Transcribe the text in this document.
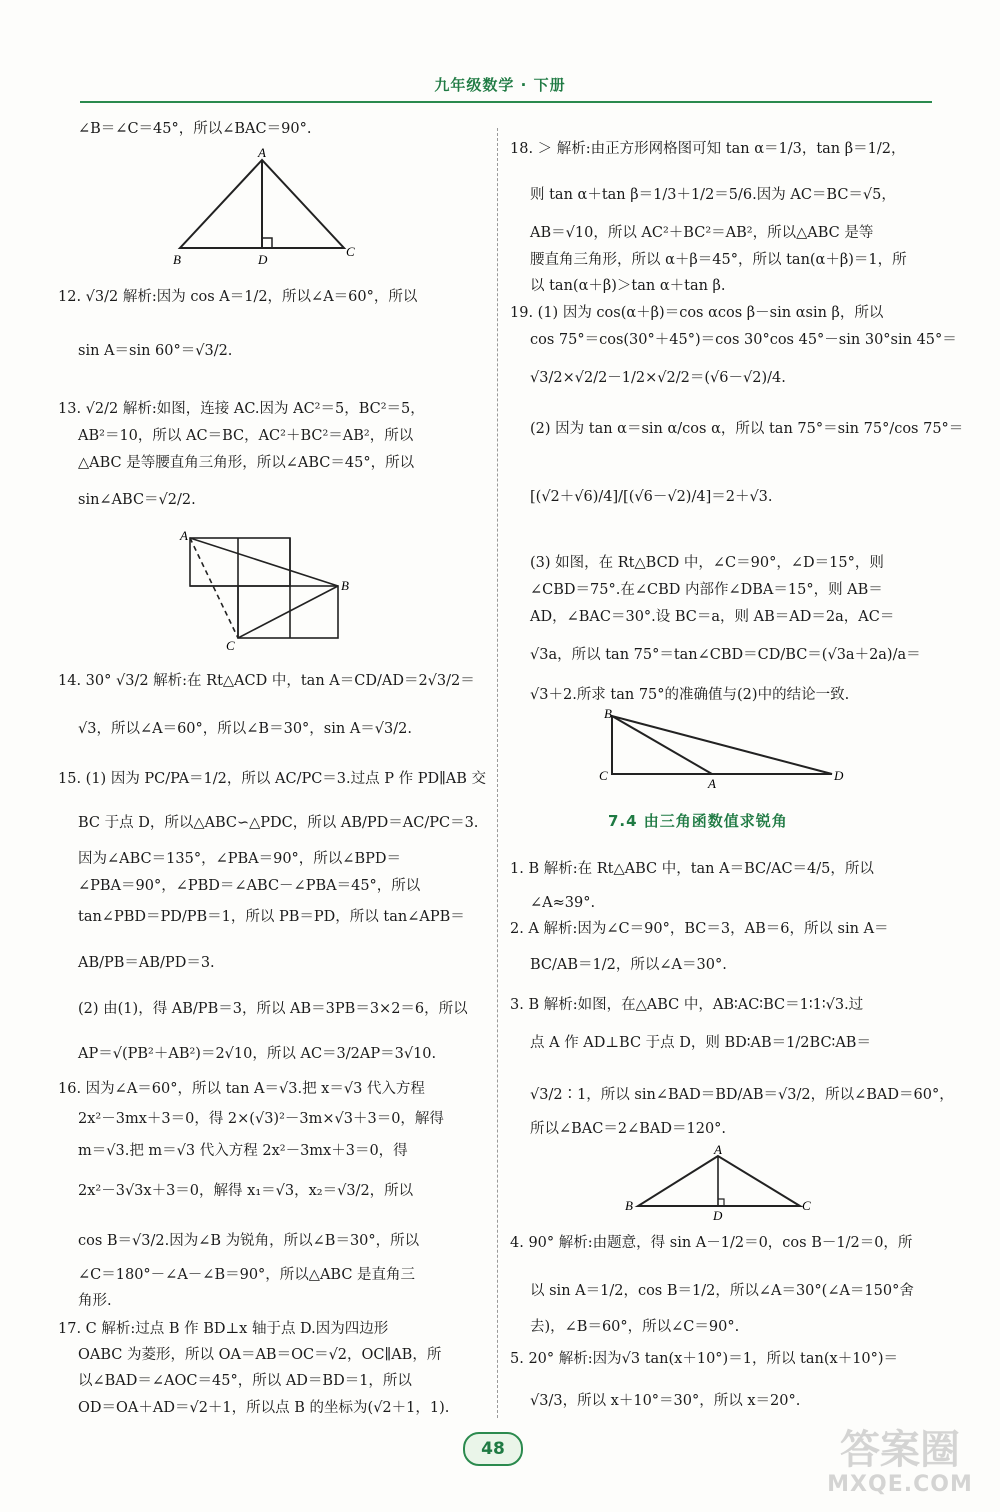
九年级数学 · 下册
∠B＝∠C＝45°，所以∠BAC＝90°.
A
B	D
C
12. √3/2 解析:因为 cos A＝1/2，所以∠A＝60°，所以
sin A＝sin 60°＝√3/2.
13. √2/2 解析:如图，连接 AC.因为 AC²＝5，BC²＝5，
AB²＝10，所以 AC＝BC，AC²＋BC²＝AB²，所以
△ABC 是等腰直角三角形，所以∠ABC＝45°，所以
sin∠ABC＝√2/2.
A
B
C
14. 30° √3/2 解析:在 Rt△ACD 中，tan A＝CD/AD＝2√3/2＝
√3，所以∠A＝60°，所以∠B＝30°，sin A＝√3/2.
15. (1) 因为 PC/PA＝1/2，所以 AC/PC＝3.过点 P 作 PD∥AB 交
BC 于点 D，所以△ABC∽△PDC，所以 AB/PD＝AC/PC＝3.
因为∠ABC＝135°，∠PBA＝90°，所以∠BPD＝
∠PBA＝90°，∠PBD＝∠ABC－∠PBA＝45°，所以
tan∠PBD＝PD/PB＝1，所以 PB＝PD，所以 tan∠APB＝
AB/PB＝AB/PD＝3.
(2) 由(1)，得 AB/PB＝3，所以 AB＝3PB＝3×2＝6，所以
AP＝√(PB²＋AB²)＝2√10，所以 AC＝3/2AP＝3√10.
16. 因为∠A＝60°，所以 tan A＝√3.把 x＝√3 代入方程
2x²－3mx＋3＝0，得 2×(√3)²－3m×√3＋3＝0，解得
m＝√3.把 m＝√3 代入方程 2x²－3mx＋3＝0，得
2x²－3√3x＋3＝0，解得 x₁＝√3，x₂＝√3/2，所以
cos B＝√3/2.因为∠B 为锐角，所以∠B＝30°，所以
∠C＝180°－∠A－∠B＝90°，所以△ABC 是直角三
角形.
17. C 解析:过点 B 作 BD⊥x 轴于点 D.因为四边形
OABC 为菱形，所以 OA＝AB＝OC＝√2，OC∥AB，所
以∠BAD＝∠AOC＝45°，所以 AD＝BD＝1，所以
OD＝OA＋AD＝√2＋1，所以点 B 的坐标为(√2＋1，1).
18. ＞ 解析:由正方形网格图可知 tan α＝1/3，tan β＝1/2，
则 tan α＋tan β＝1/3＋1/2＝5/6.因为 AC＝BC＝√5，
AB＝√10，所以 AC²＋BC²＝AB²，所以△ABC 是等
腰直角三角形，所以 α＋β＝45°，所以 tan(α＋β)＝1，所
以 tan(α＋β)＞tan α＋tan β.
19. (1) 因为 cos(α＋β)＝cos αcos β－sin αsin β，所以
cos 75°＝cos(30°＋45°)＝cos 30°cos 45°－sin 30°sin 45°＝
√3/2×√2/2－1/2×√2/2＝(√6－√2)/4.
(2) 因为 tan α＝sin α/cos α，所以 tan 75°＝sin 75°/cos 75°＝
[(√2＋√6)/4]/[(√6－√2)/4]＝2＋√3.
(3) 如图，在 Rt△BCD 中，∠C＝90°，∠D＝15°，则
∠CBD＝75°.在∠CBD 内部作∠DBA＝15°，则 AB＝
AD，∠BAC＝30°.设 BC＝a，则 AB＝AD＝2a，AC＝
√3a，所以 tan 75°＝tan∠CBD＝CD/BC＝(√3a＋2a)/a＝
√3＋2.所求 tan 75°的准确值与(2)中的结论一致.
B
C
A
D
1. B 解析:在 Rt△ABC 中，tan A＝BC/AC＝4/5，所以
∠A≈39°.
2. A 解析:因为∠C＝90°，BC＝3，AB＝6，所以 sin A＝
BC/AB＝1/2，所以∠A＝30°.
3. B 解析:如图，在△ABC 中，AB∶AC∶BC＝1∶1∶√3.过
点 A 作 AD⊥BC 于点 D，则 BD∶AB＝1/2BC∶AB＝
√3/2∶1，所以 sin∠BAD＝BD/AB＝√3/2，所以∠BAD＝60°，
所以∠BAC＝2∠BAD＝120°.
A
B
D
C
4. 90° 解析:由题意，得 sin A－1/2＝0，cos B－1/2＝0，所
以 sin A＝1/2，cos B＝1/2，所以∠A＝30°(∠A＝150°舍
去)，∠B＝60°，所以∠C＝90°.
5. 20° 解析:因为√3 tan(x＋10°)＝1，所以 tan(x＋10°)＝
√3/3，所以 x＋10°＝30°，所以 x＝20°.
7.4 由三角函数值求锐角
48	答案圈
MXQE.COM
